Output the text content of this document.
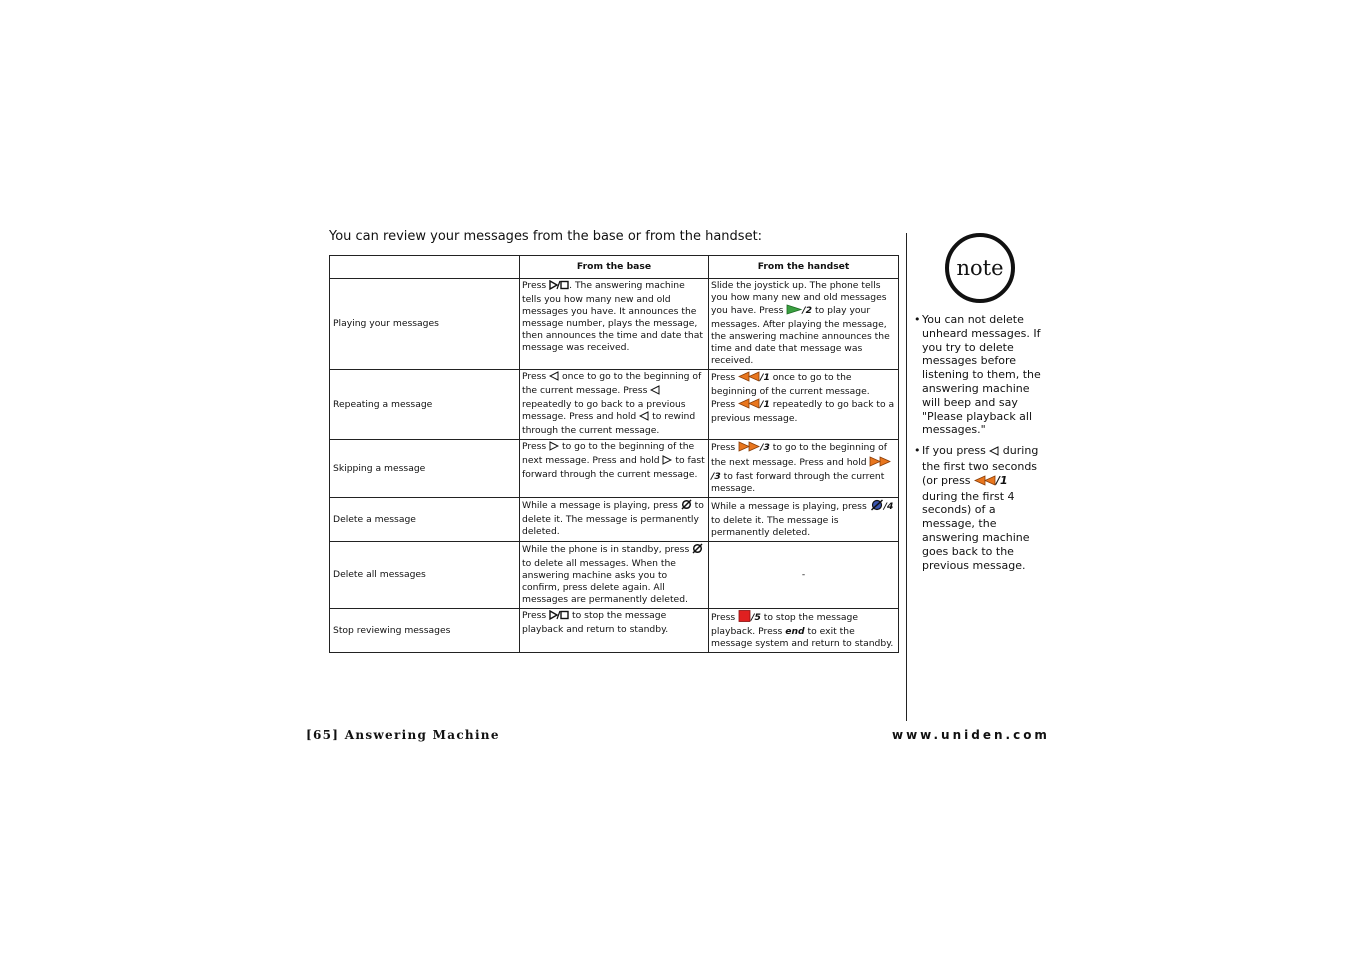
You can review your messages from the base or from the handset:
	From the base	From the handset
Playing your messages	Press . The answering machine tells you how many new and old messages you have. It announces the message number, plays the message, then announces the time and date that message was received.	Slide the joystick up. The phone tells you how many new and old messages you have. Press /2 to play your messages. After playing the message, the answering machine announces the time and date that message was received.
Repeating a message	Press  once to go to the beginning of the current message. Press  repeatedly to go back to a previous message. Press and hold  to rewind through the current message.	Press /1 once to go to the beginning of the current message. Press /1 repeatedly to go back to a previous message.
Skipping a message	Press  to go to the beginning of the next message. Press and hold  to fast forward through the current message.	Press /3 to go to the beginning of the next message. Press and hold /3 to fast forward through the current message.
Delete a message	While a message is playing, press  to delete it. The message is permanently deleted.	While a message is playing, press /4 to delete it. The message is permanently deleted.
Delete all messages	While the phone is in standby, press  to delete all messages. When the answering machine asks you to confirm, press delete again. All messages are permanently deleted.	-
Stop reviewing messages	Press  to stop the message playback and return to standby.	Press /5 to stop the message playback. Press end to exit the message system and return to standby.
note
• You can not delete unheard messages. If you try to delete messages before listening to them, the answering machine will beep and say "Please playback all messages."
• If you press  during the first two seconds (or press /1 during the first 4 seconds) of a message, the answering machine goes back to the previous message.
[65] Answering Machine	www.uniden.com
